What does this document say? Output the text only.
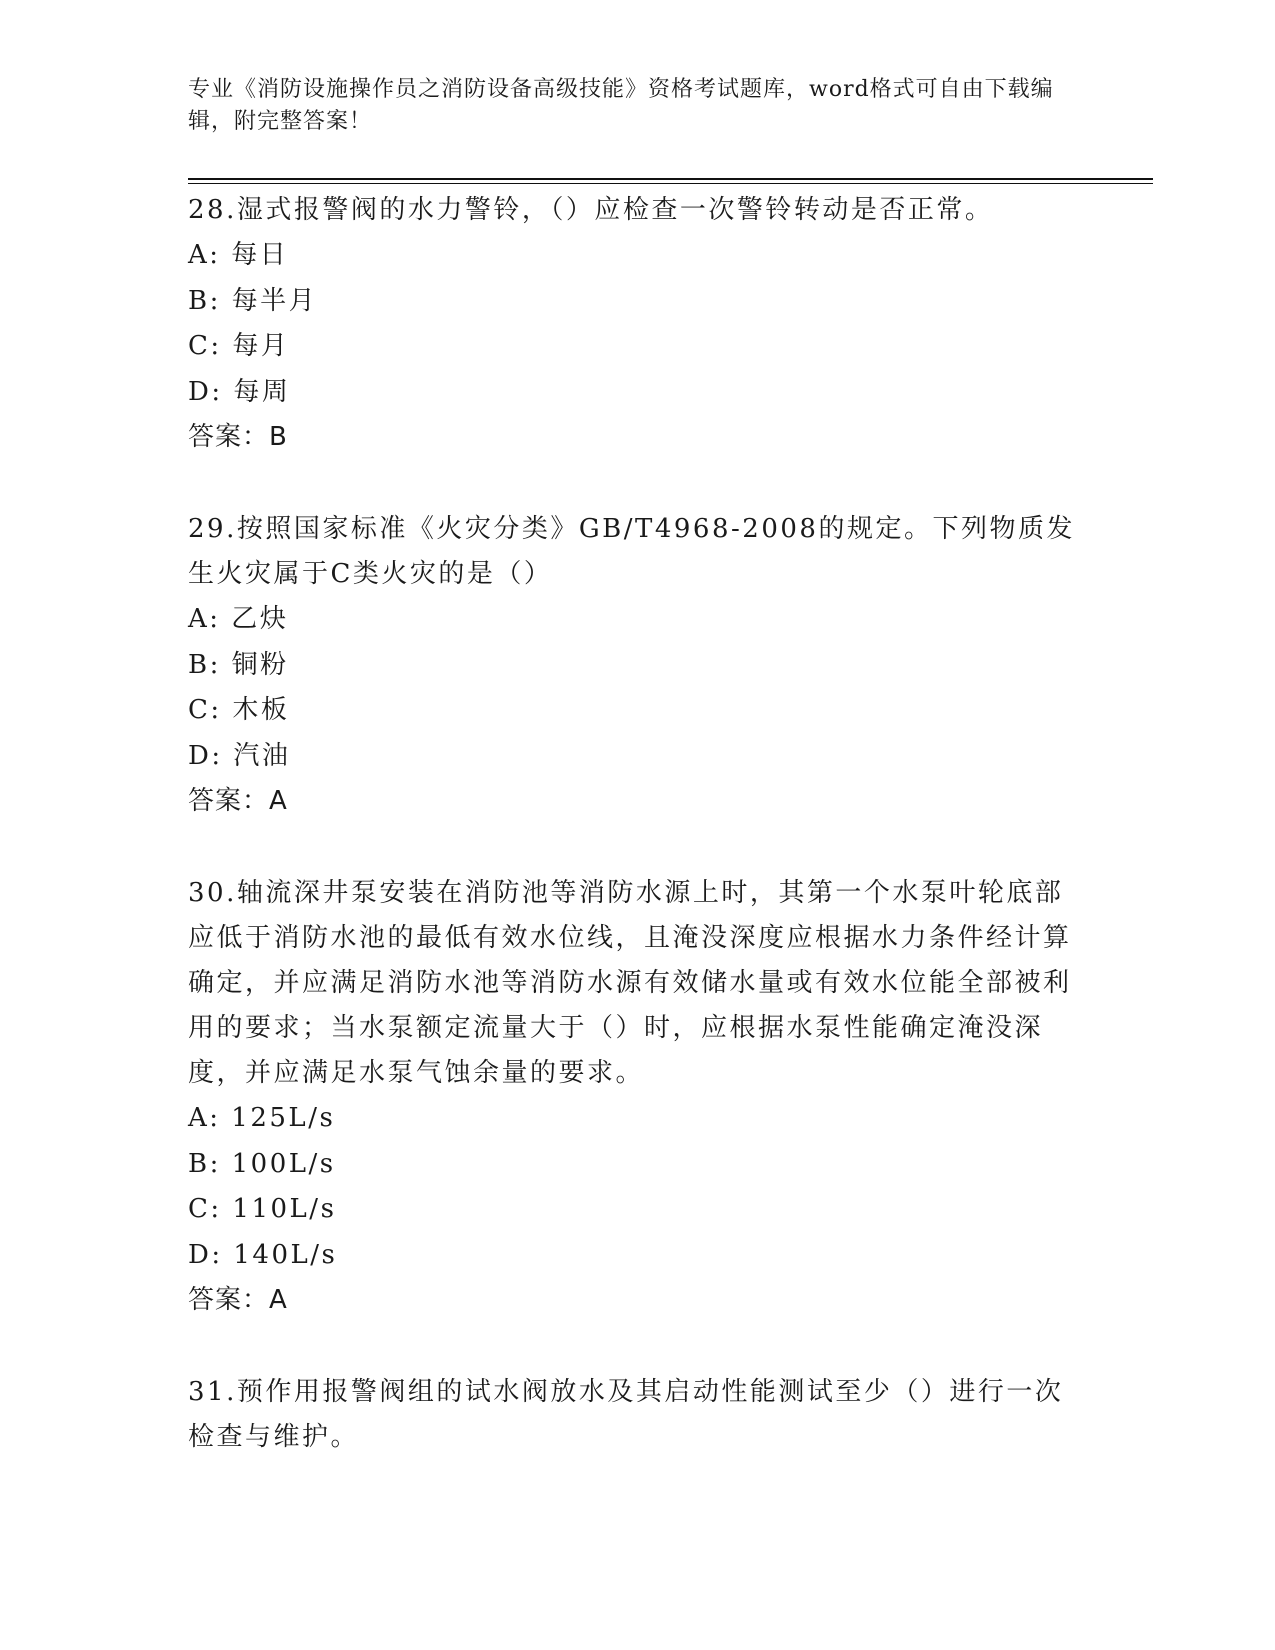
专业《消防设施操作员之消防设备高级技能》资格考试题库，word格式可自由下载编辑，附完整答案！

28.湿式报警阀的水力警铃，（）应检查一次警铃转动是否正常。

A: 每日

B: 每半月

C: 每月

D: 每周

答案：B

29.按照国家标准《火灾分类》GB/T4968-2008的规定。下列物质发生火灾属于C类火灾的是（）

A: 乙炔

B: 铜粉

C: 木板

D: 汽油

答案：A

30.轴流深井泵安装在消防池等消防水源上时，其第一个水泵叶轮底部应低于消防水池的最低有效水位线，且淹没深度应根据水力条件经计算确定，并应满足消防水池等消防水源有效储水量或有效水位能全部被利用的要求；当水泵额定流量大于（）时，应根据水泵性能确定淹没深度，并应满足水泵气蚀余量的要求。

A: 125L/s

B: 100L/s

C: 110L/s

D: 140L/s

答案：A

31.预作用报警阀组的试水阀放水及其启动性能测试至少（）进行一次检查与维护。
